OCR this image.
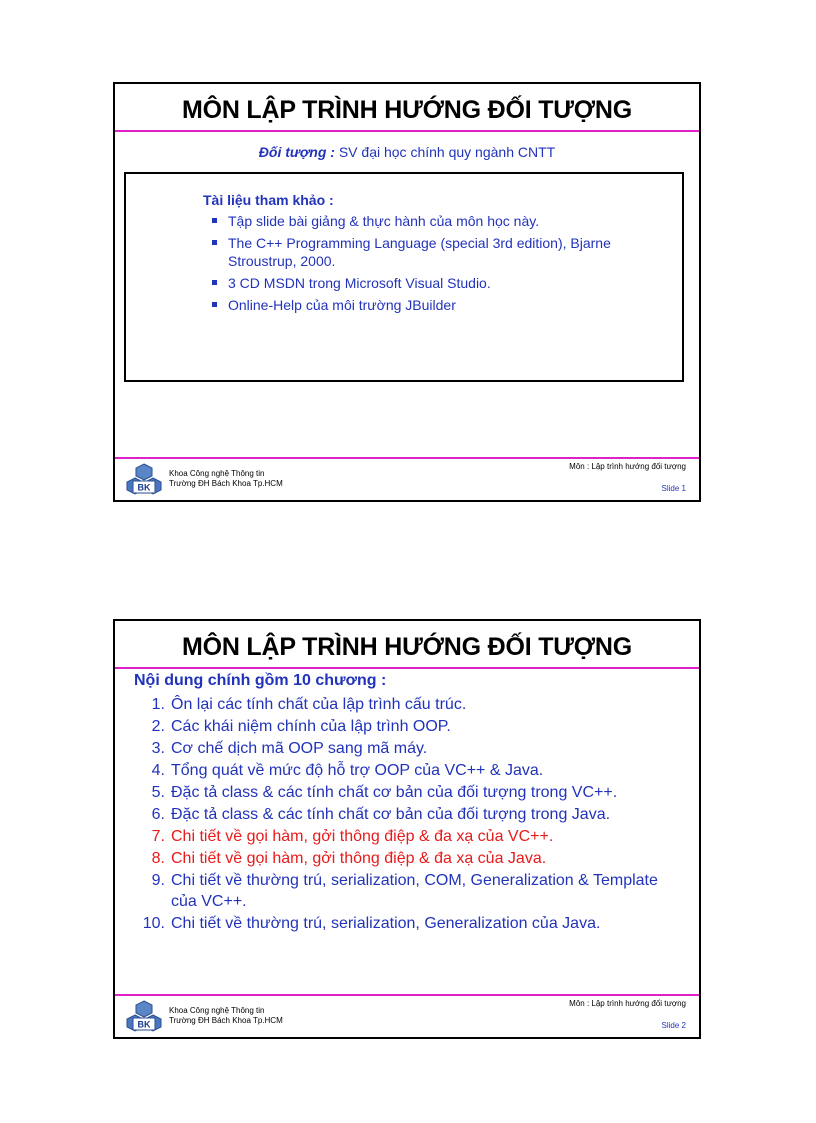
MÔN LẬP TRÌNH HƯỚNG ĐỐI TƯỢNG
Đối tượng : SV đại học chính quy ngành CNTT
Tài liệu tham khảo :
Tập slide bài giảng & thực hành của môn học này.
The C++ Programming Language (special 3rd edition), Bjarne Stroustrup, 2000.
3 CD MSDN trong Microsoft Visual Studio.
Online-Help của môi trường JBuilder
BK
Khoa Công nghệ Thông tin
Trường ĐH Bách Khoa Tp.HCM
Môn : Lập trình hướng đối tượng
Slide 1
MÔN LẬP TRÌNH HƯỚNG ĐỐI TƯỢNG
Nội dung chính gồm 10 chương :
1. Ôn lại các tính chất của lập trình cấu trúc.
2. Các khái niệm chính của lập trình OOP.
3. Cơ chế dịch mã OOP sang mã máy.
4. Tổng quát về mức độ hỗ trợ OOP của VC++ & Java.
5. Đặc tả class & các tính chất cơ bản của đối tượng trong VC++.
6. Đặc tả class & các tính chất cơ bản của đối tượng trong Java.
7. Chi tiết về gọi hàm, gởi thông điệp & đa xạ của VC++.
8. Chi tiết về gọi hàm, gởi thông điệp & đa xạ của Java.
9. Chi tiết về thường trú, serialization, COM, Generalization & Template của VC++.
10. Chi tiết về thường trú, serialization, Generalization của Java.
BK
Khoa Công nghệ Thông tin
Trường ĐH Bách Khoa Tp.HCM
Môn : Lập trình hướng đối tượng
Slide 2
